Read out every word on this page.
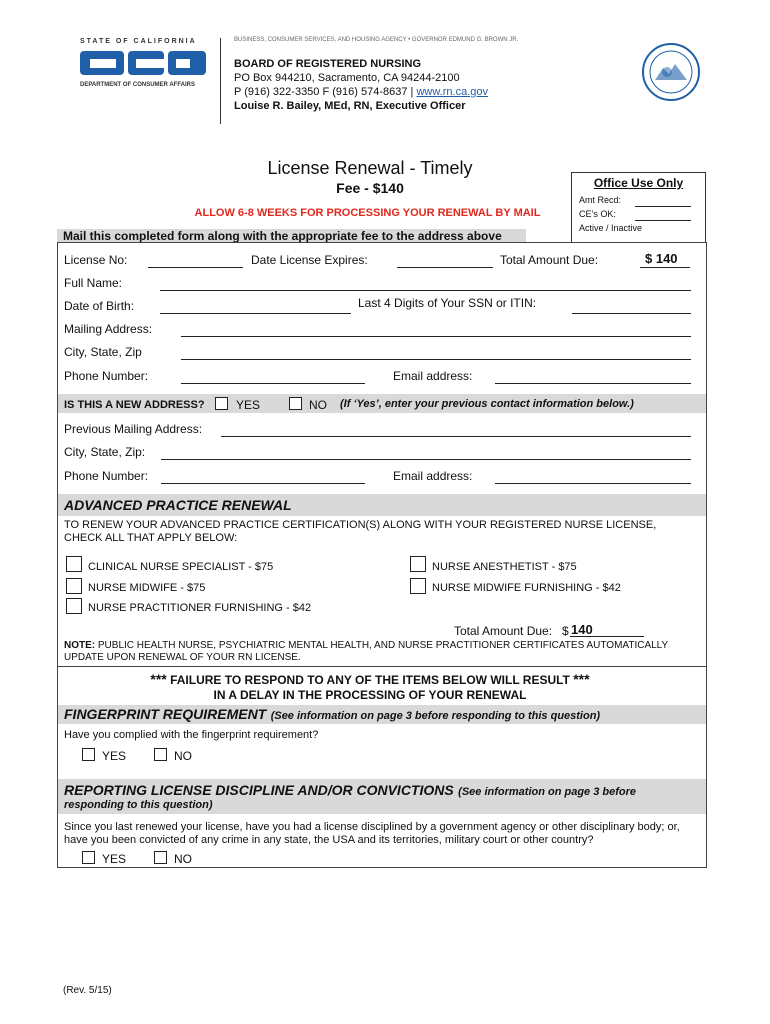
STATE OF CALIFORNIA
DEPARTMENT OF CONSUMER AFFAIRS
BUSINESS, CONSUMER SERVICES, AND HOUSING AGENCY • GOVERNOR EDMUND G. BROWN JR.
BOARD OF REGISTERED NURSING
PO Box 944210, Sacramento, CA 94244-2100
P (916) 322-3350 F (916) 574-8637 | www.rn.ca.gov
Louise R. Bailey, MEd, RN, Executive Officer
License Renewal - Timely
Fee - $140
ALLOW 6-8 WEEKS FOR PROCESSING YOUR RENEWAL BY MAIL
Office Use Only
Amt Recd:
CE’s OK:
Active / Inactive
Mail this completed form along with the appropriate fee to the address above
License No:	Date License Expires:	Total Amount Due:	$ 140
Full Name:
Date of Birth:	Last 4 Digits of Your SSN or ITIN:
Mailing Address:
City, State, Zip
Phone Number:	Email address:
IS THIS A NEW ADDRESS?	YES	NO (If ‘Yes’, enter your previous contact information below.)
Previous Mailing Address:
City, State, Zip:
Phone Number:	Email address:
ADVANCED PRACTICE RENEWAL
TO RENEW YOUR ADVANCED PRACTICE CERTIFICATION(S) ALONG WITH YOUR REGISTERED NURSE LICENSE,
CHECK ALL THAT APPLY BELOW:
CLINICAL NURSE SPECIALIST - $75	NURSE ANESTHETIST - $75
NURSE MIDWIFE - $75	NURSE MIDWIFE FURNISHING - $42
NURSE PRACTITIONER FURNISHING - $42
Total Amount Due: $ 140
NOTE: PUBLIC HEALTH NURSE, PSYCHIATRIC MENTAL HEALTH, AND NURSE PRACTITIONER CERTIFICATES AUTOMATICALLY
UPDATE UPON RENEWAL OF YOUR RN LICENSE.
*** FAILURE TO RESPOND TO ANY OF THE ITEMS BELOW WILL RESULT ***
IN A DELAY IN THE PROCESSING OF YOUR RENEWAL
FINGERPRINT REQUIREMENT (See information on page 3 before responding to this question)
Have you complied with the fingerprint requirement?
YES	NO
REPORTING LICENSE DISCIPLINE AND/OR CONVICTIONS (See information on page 3 before
responding to this question)
Since you last renewed your license, have you had a license disciplined by a government agency or other disciplinary body; or,
have you been convicted of any crime in any state, the USA and its territories, military court or other country?
YES	NO
(Rev. 5/15)
